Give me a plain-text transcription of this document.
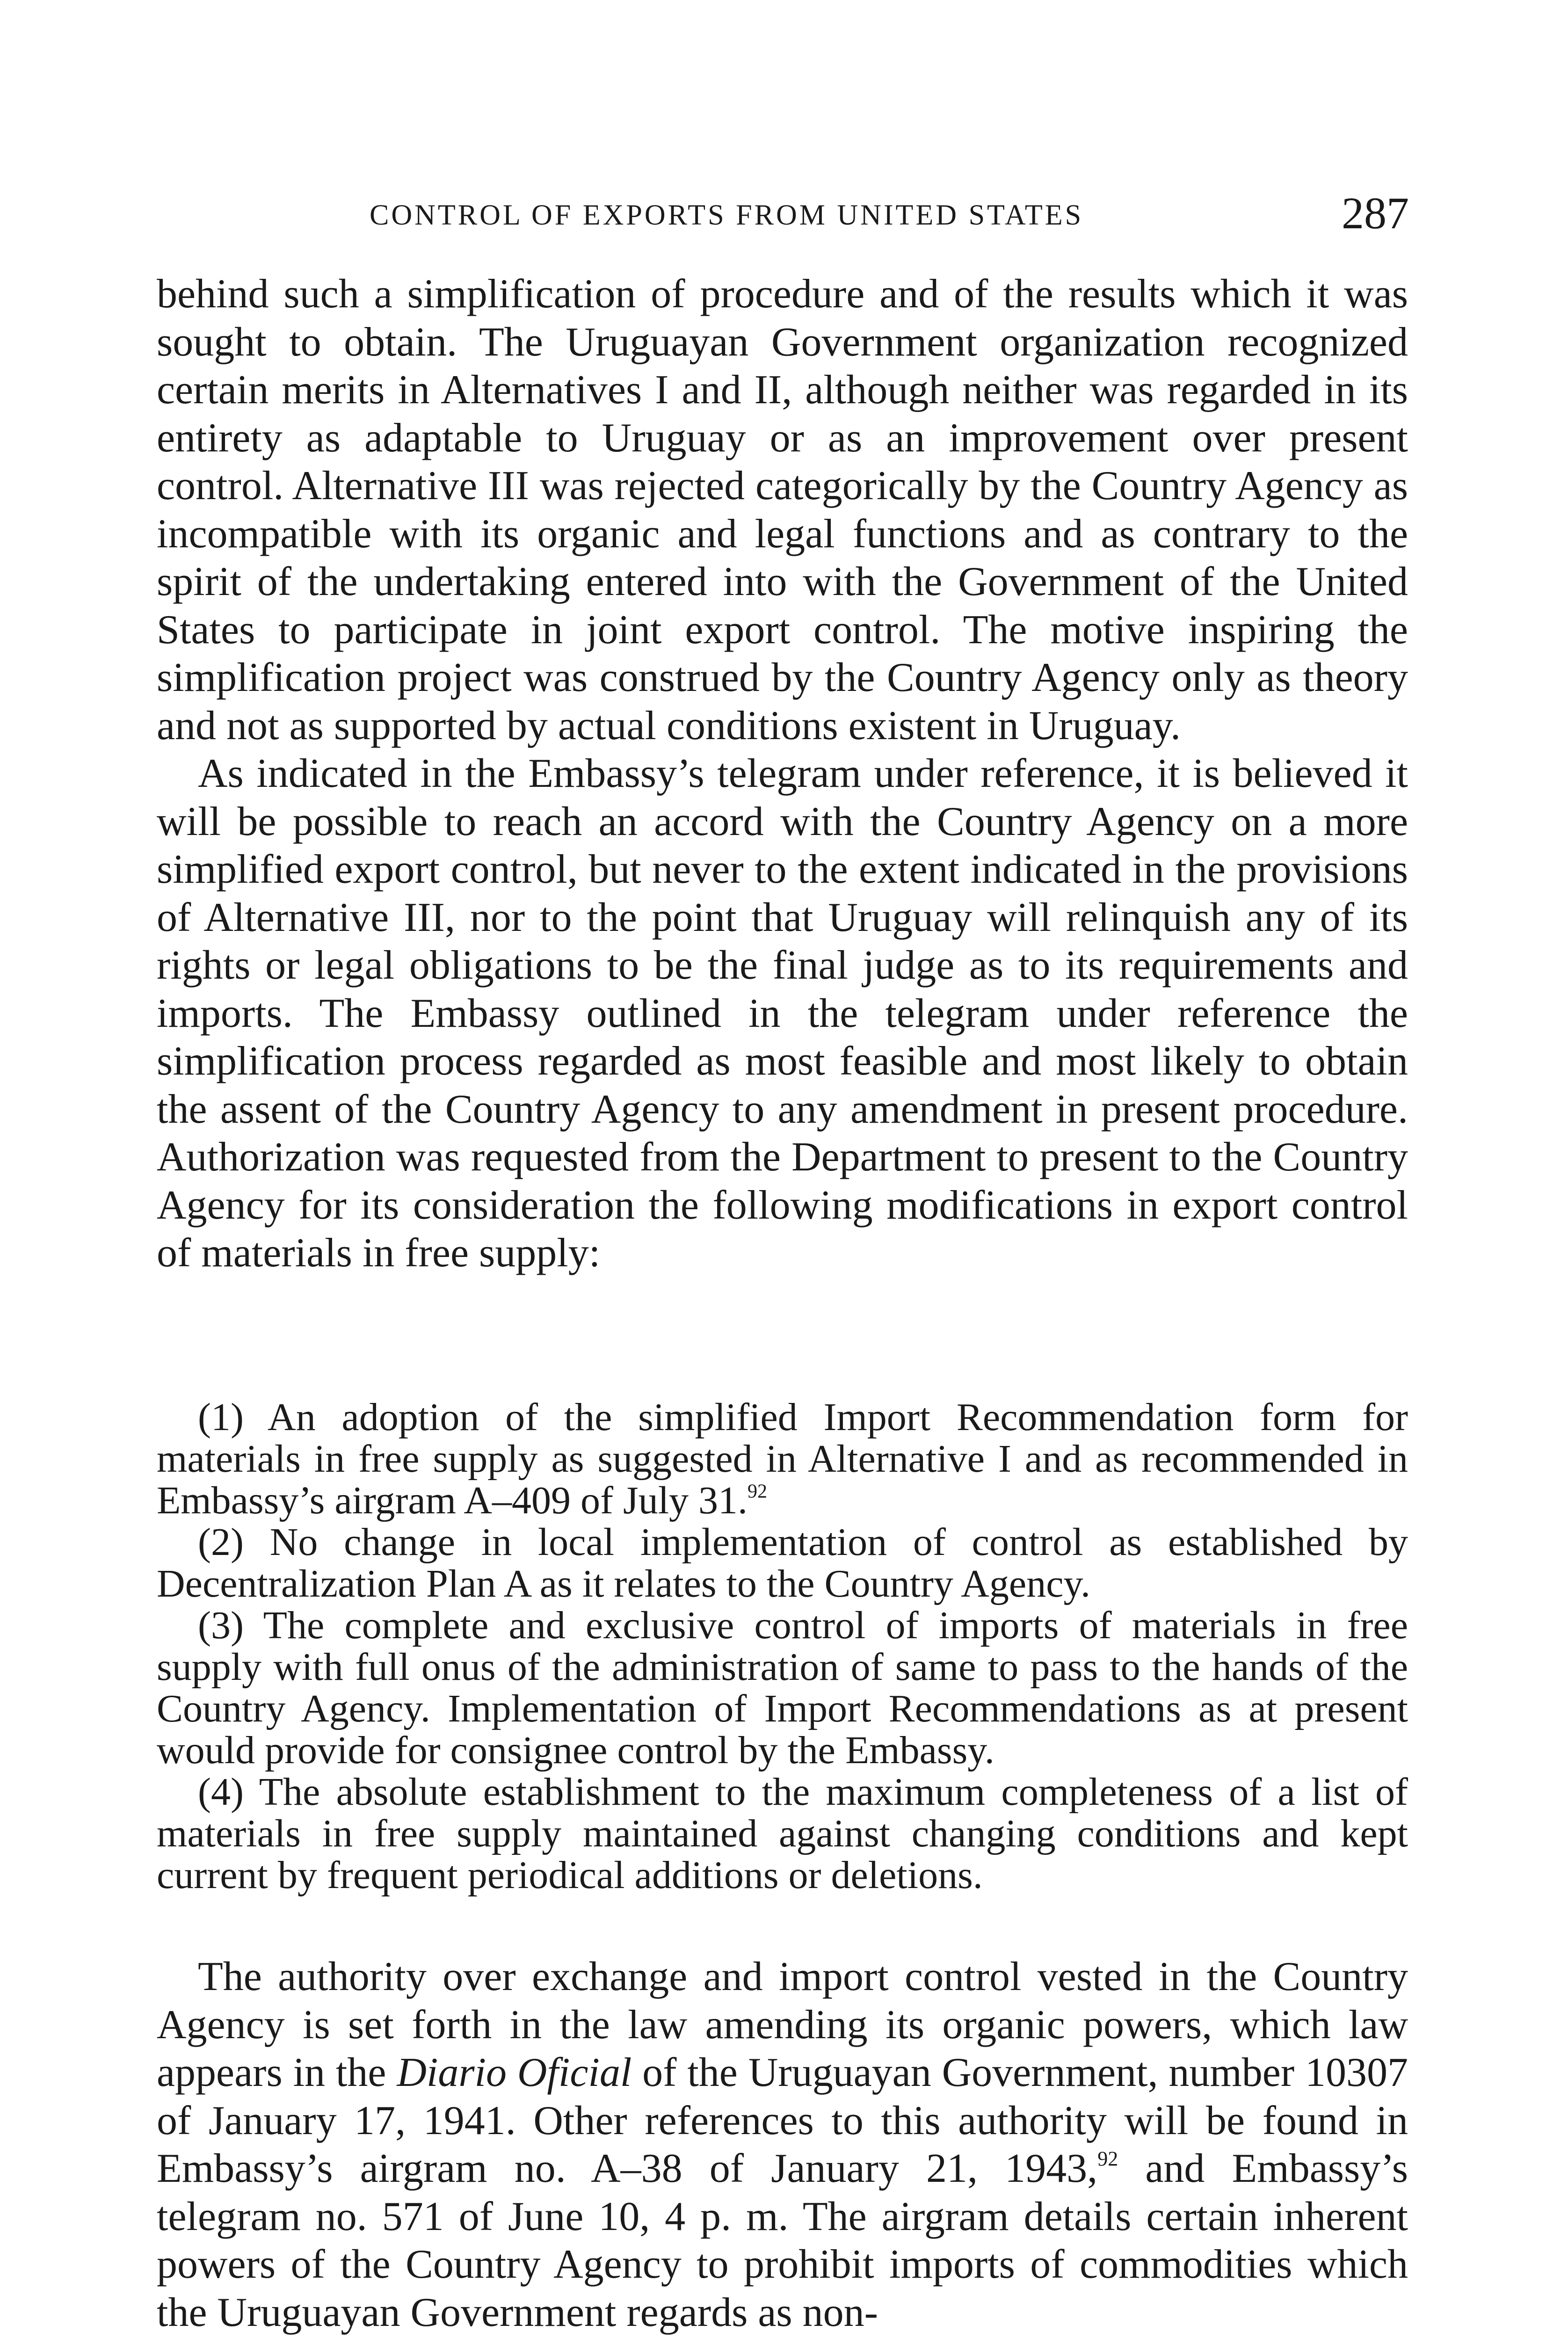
CONTROL OF EXPORTS FROM UNITED STATES	287

behind such a simplification of procedure and of the results which it was sought to obtain. The Uruguayan Government organization recognized certain merits in Alternatives I and II, although neither was regarded in its entirety as adaptable to Uruguay or as an improvement over present control. Alternative III was rejected categorically by the Country Agency as incompatible with its organic and legal functions and as contrary to the spirit of the undertaking entered into with the Government of the United States to participate in joint export control. The motive inspiring the simplification project was construed by the Country Agency only as theory and not as supported by actual conditions existent in Uruguay.

As indicated in the Embassy’s telegram under reference, it is believed it will be possible to reach an accord with the Country Agency on a more simplified export control, but never to the extent indicated in the provisions of Alternative III, nor to the point that Uruguay will relinquish any of its rights or legal obligations to be the final judge as to its requirements and imports. The Embassy outlined in the telegram under reference the simplification process regarded as most feasible and most likely to obtain the assent of the Country Agency to any amendment in present procedure. Authorization was requested from the Department to present to the Country Agency for its consideration the following modifications in export control of materials in free supply:

(1) An adoption of the simplified Import Recommendation form for materials in free supply as suggested in Alternative I and as recommended in Embassy’s airgram A–409 of July 31.92

(2) No change in local implementation of control as established by Decentralization Plan A as it relates to the Country Agency.

(3) The complete and exclusive control of imports of materials in free supply with full onus of the administration of same to pass to the hands of the Country Agency. Implementation of Import Recommendations as at present would provide for consignee control by the Embassy.

(4) The absolute establishment to the maximum completeness of a list of materials in free supply maintained against changing conditions and kept current by frequent periodical additions or deletions.

The authority over exchange and import control vested in the Country Agency is set forth in the law amending its organic powers, which law appears in the Diario Oficial of the Uruguayan Government, number 10307 of January 17, 1941. Other references to this authority will be found in Embassy’s airgram no. A–38 of January 21, 1943,92 and Embassy’s telegram no. 571 of June 10, 4 p. m. The airgram details certain inherent powers of the Country Agency to prohibit imports of commodities which the Uruguayan Government regards as non-
